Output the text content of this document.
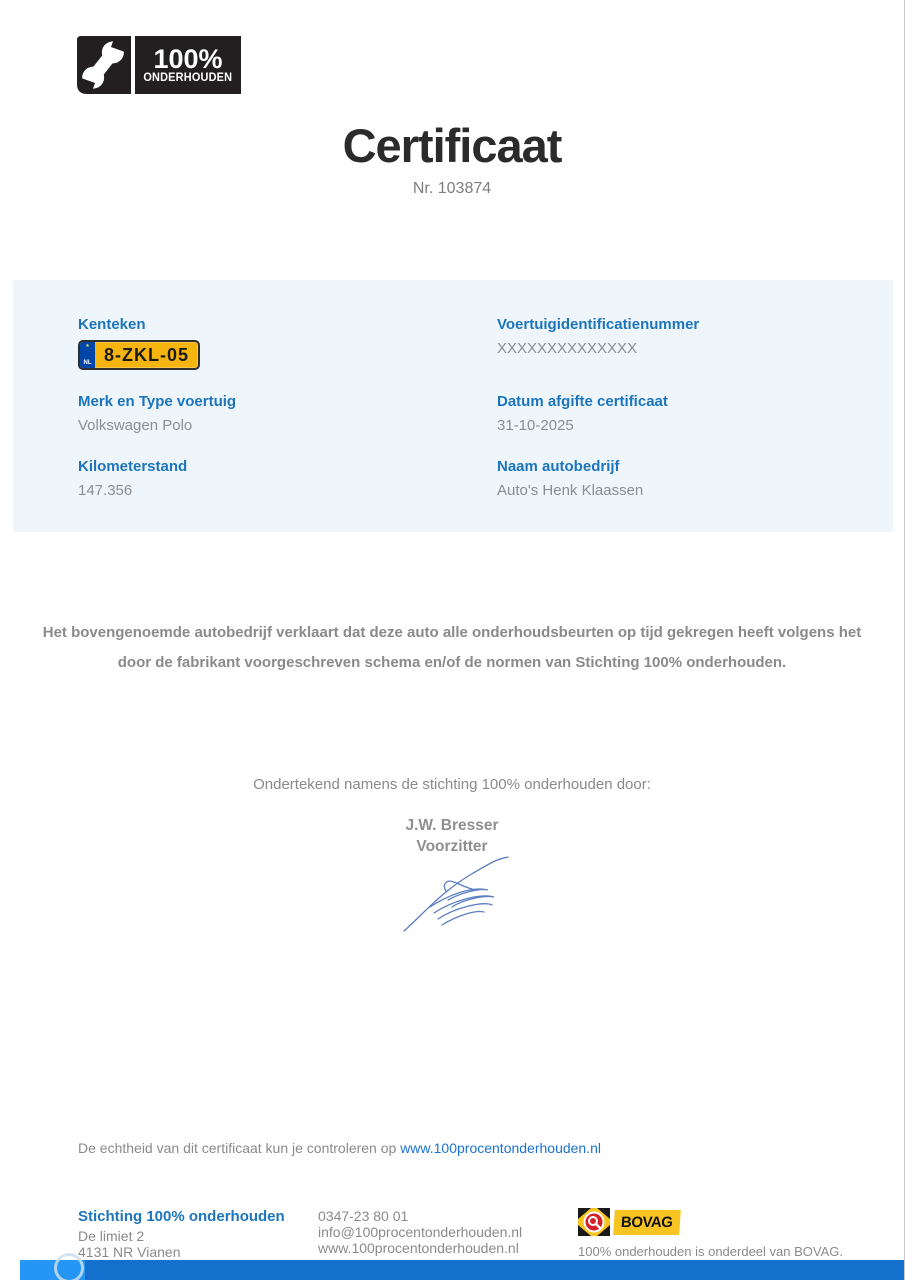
100%
ONDERHOUDEN
Certificaat
Nr. 103874
Kenteken
★
NL 8-ZKL-05
Voertuigidentificatienummer
XXXXXXXXXXXXXX
Merk en Type voertuig
Volkswagen Polo
Datum afgifte certificaat
31-10-2025
Kilometerstand
147.356
Naam autobedrijf
Auto's Henk Klaassen
Het bovengenoemde autobedrijf verklaart dat deze auto alle onderhoudsbeurten op tijd gekregen heeft volgens het door de fabrikant voorgeschreven schema en/of de normen van Stichting 100% onderhouden.
Ondertekend namens de stichting 100% onderhouden door:
J.W. Bresser
Voorzitter
De echtheid van dit certificaat kun je controleren op www.100procentonderhouden.nl
Stichting 100% onderhouden
De limiet 2
4131 NR Vianen
0347-23 80 01
info@100procentonderhouden.nl
www.100procentonderhouden.nl
BOVAG
100% onderhouden is onderdeel van BOVAG.
